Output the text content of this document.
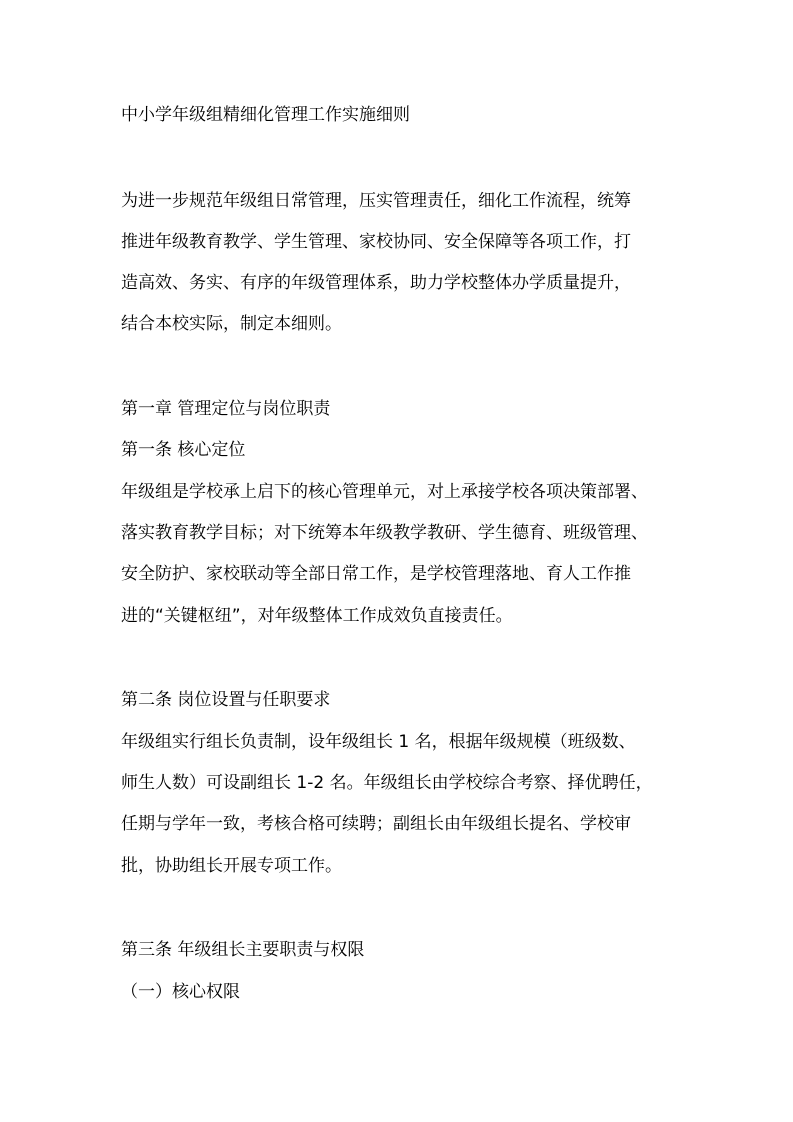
中小学年级组精细化管理工作实施细则
为进一步规范年级组日常管理，压实管理责任，细化工作流程，统筹
推进年级教育教学、学生管理、家校协同、安全保障等各项工作，打
造高效、务实、有序的年级管理体系，助力学校整体办学质量提升，
结合本校实际，制定本细则。
第一章 管理定位与岗位职责
第一条 核心定位
年级组是学校承上启下的核心管理单元，对上承接学校各项决策部署、
落实教育教学目标；对下统筹本年级教学教研、学生德育、班级管理、
安全防护、家校联动等全部日常工作，是学校管理落地、育人工作推
进的“关键枢纽”，对年级整体工作成效负直接责任。
第二条 岗位设置与任职要求
年级组实行组长负责制，设年级组长 1 名，根据年级规模（班级数、
师生人数）可设副组长 1-2 名。年级组长由学校综合考察、择优聘任，
任期与学年一致，考核合格可续聘；副组长由年级组长提名、学校审
批，协助组长开展专项工作。
第三条 年级组长主要职责与权限
（一）核心权限
